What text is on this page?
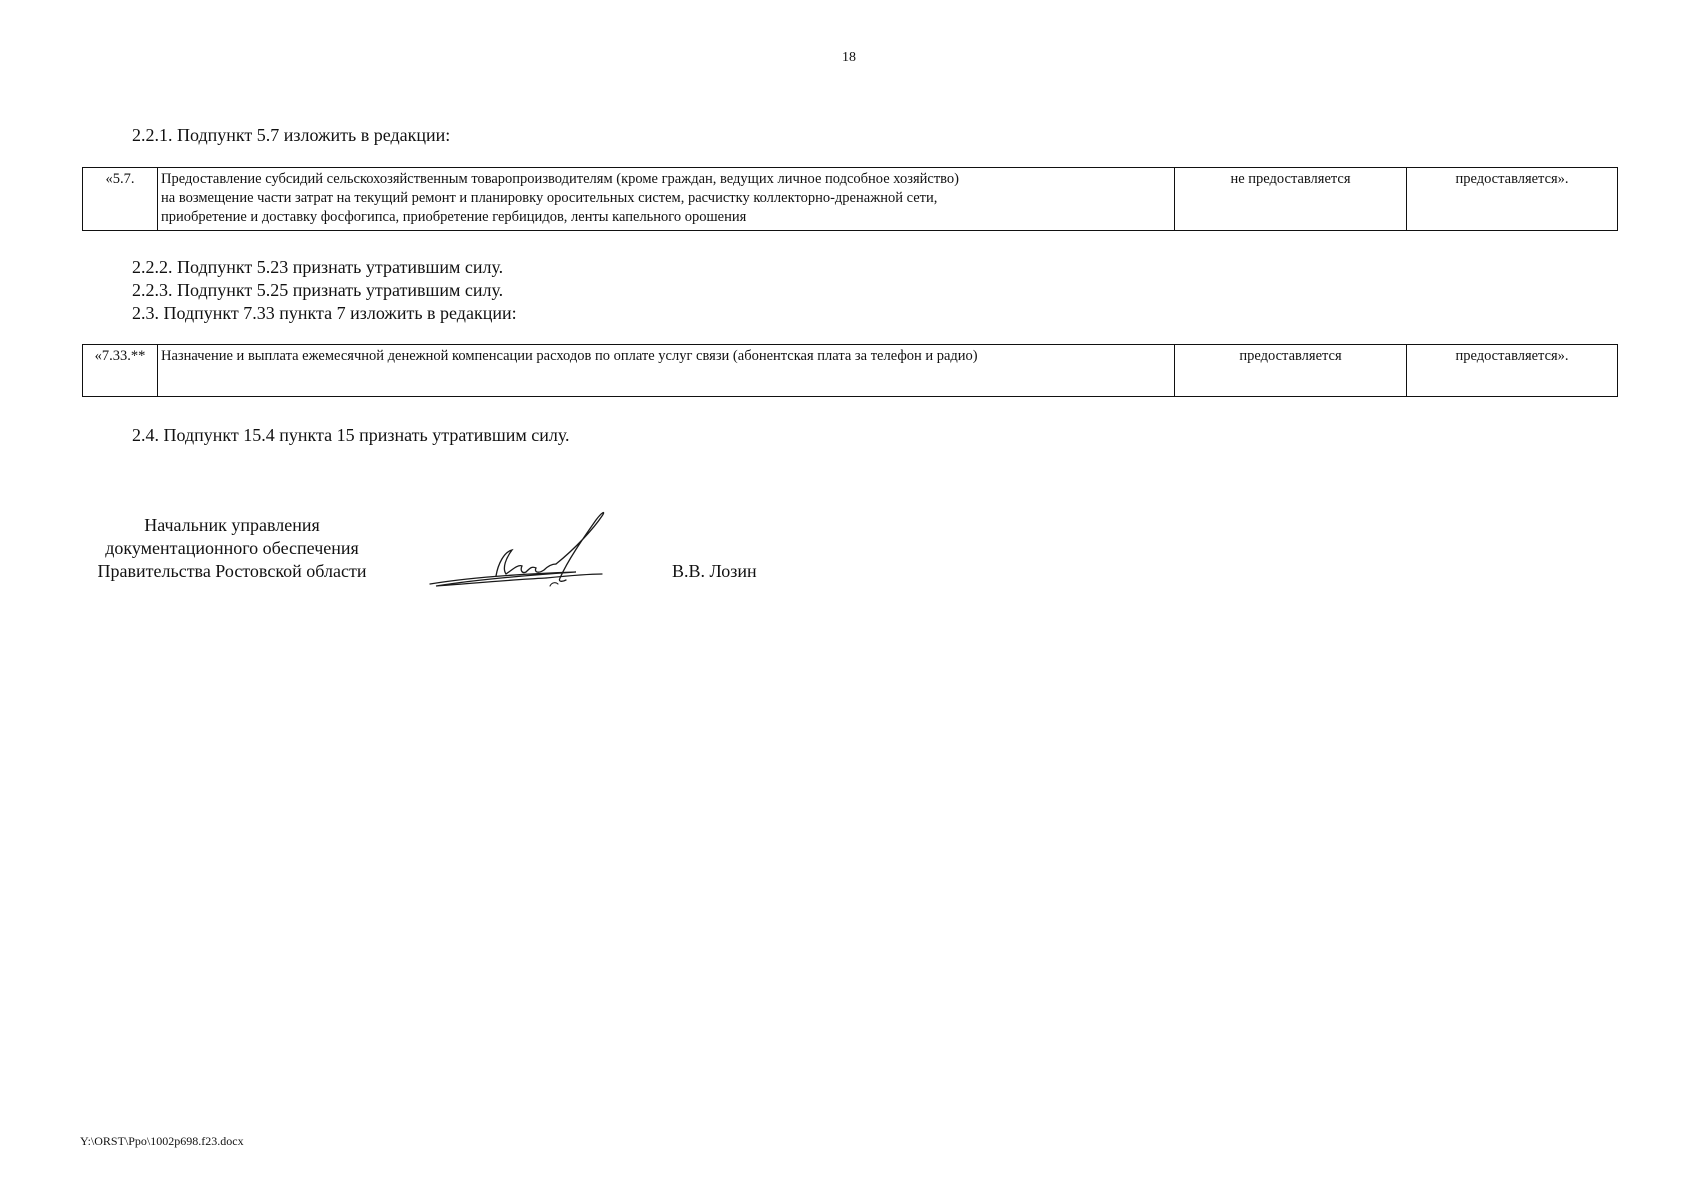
18
2.2.1. Подпункт 5.7 изложить в редакции:
«5.7.	Предоставление субсидий сельскохозяйственным товаропроизводителям (кроме граждан, ведущих личное подсобное хозяйство)
на возмещение части затрат на текущий ремонт и планировку оросительных систем, расчистку коллекторно-дренажной сети,
приобретение и доставку фосфогипса, приобретение гербицидов, ленты капельного орошения
	не предоставляется	предоставляется».
2.2.2. Подпункт 5.23 признать утратившим силу.
2.2.3. Подпункт 5.25 признать утратившим силу.
2.3. Подпункт 7.33 пункта 7 изложить в редакции:
«7.33.**	Назначение и выплата ежемесячной денежной компенсации расходов по оплате услуг связи (абонентская плата за телефон и радио)	предоставляется	предоставляется».
2.4. Подпункт 15.4 пункта 15 признать утратившим силу.
Начальник управления
документационного обеспечения
Правительства Ростовской области	В.В. Лозин
Y:\ORST\Ppo\1002p698.f23.docx
